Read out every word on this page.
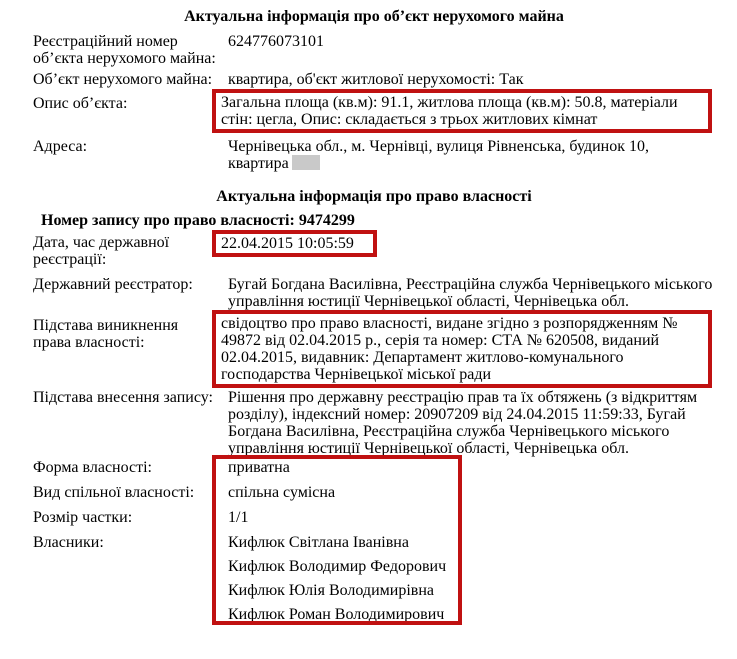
Актуальна інформація про об’єкт нерухомого майна
Реєстраційний номер об’єкта нерухомого майна:
624776073101
Об’єкт нерухомого майна: квартира, об'єкт житлової нерухомості: Так
Опис об’єкта:	Загальна площа (кв.м): 91.1, житлова площа (кв.м): 50.8, матеріали стін: цегла, Опис: складається з трьох житлових кімнат
Адреса:	Чернівецька обл., м. Чернівці, вулиця Рівненська, будинок 10, квартира
Актуальна інформація про право власності
Номер запису про право власності: 9474299
Дата, час державної реєстрації:
22.04.2015 10:05:59
Державний реєстратор:	Бугай Богдана Василівна, Реєстраційна служба Чернівецького міського управління юстиції Чернівецької області, Чернівецька обл.
Підстава виникнення права власності:
свідоцтво про право власності, видане згідно з розпорядженням № 49872 від 02.04.2015 р., серія та номер: СТА № 620508, виданий 02.04.2015, видавник: Департамент житлово-комунального господарства Чернівецької міської ради
Підстава внесення запису: Рішення про державну реєстрацію прав та їх обтяжень (з відкриттям розділу), індексний номер: 20907209 від 24.04.2015 11:59:33, Бугай Богдана Василівна, Реєстраційна служба Чернівецького міського управління юстиції Чернівецької області, Чернівецька обл.
Форма власності:	приватна
Вид спільної власності:	спільна сумісна
Розмір частки:	1/1
Власники:	Кифлюк Світлана Іванівна
Кифлюк Володимир Федорович
Кифлюк Юлія Володимирівна
Кифлюк Роман Володимирович
